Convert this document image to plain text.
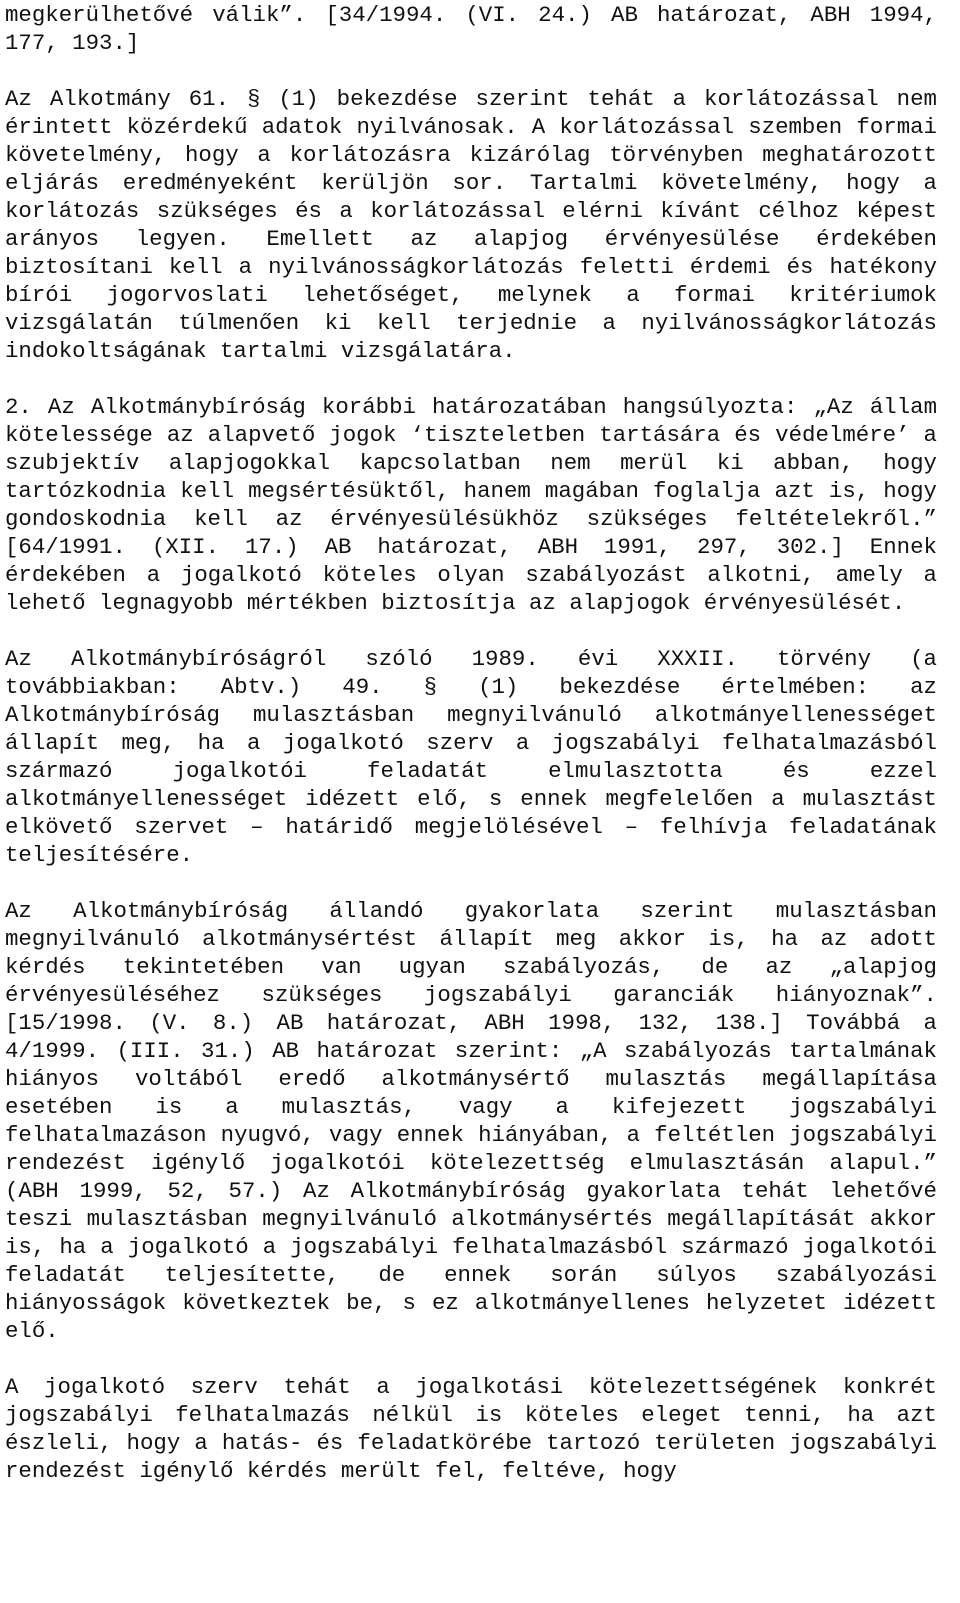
megkerülhetővé válik”. [34/1994. (VI. 24.) AB határozat, ABH 1994, 177, 193.]

Az Alkotmány 61. § (1) bekezdése szerint tehát a korlátozással nem érintett közérdekű adatok nyilvánosak. A korlátozással szemben formai követelmény, hogy a korlátozásra kizárólag törvényben meghatározott eljárás eredményeként kerüljön sor. Tartalmi követelmény, hogy a korlátozás szükséges és a korlátozással elérni kívánt célhoz képest arányos legyen. Emellett az alapjog érvényesülése érdekében biztosítani kell a nyilvánosságkorlátozás feletti érdemi és hatékony bírói jogorvoslati lehetőséget, melynek a formai kritériumok vizsgálatán túlmenően ki kell terjednie a nyilvánosságkorlátozás indokoltságának tartalmi vizsgálatára.

2. Az Alkotmánybíróság korábbi határozatában hangsúlyozta: „Az állam kötelessége az alapvető jogok ‘tiszteletben tartására és védelmére’ a szubjektív alapjogokkal kapcsolatban nem merül ki abban, hogy tartózkodnia kell megsértésüktől, hanem magában foglalja azt is, hogy gondoskodnia kell az érvényesülésükhöz szükséges feltételekről.” [64/1991. (XII. 17.) AB határozat, ABH 1991, 297, 302.] Ennek érdekében a jogalkotó köteles olyan szabályozást alkotni, amely a lehető legnagyobb mértékben biztosítja az alapjogok érvényesülését.

Az Alkotmánybíróságról szóló 1989. évi XXXII. törvény (a továbbiakban: Abtv.) 49. § (1) bekezdése értelmében: az Alkotmánybíróság mulasztásban megnyilvánuló alkotmányellenességet állapít meg, ha a jogalkotó szerv a jogszabályi felhatalmazásból származó jogalkotói feladatát elmulasztotta és ezzel alkotmányellenességet idézett elő, s ennek megfelelően a mulasztást elkövető szervet – határidő megjelölésével – felhívja feladatának teljesítésére.

Az Alkotmánybíróság állandó gyakorlata szerint mulasztásban megnyilvánuló alkotmánysértést állapít meg akkor is, ha az adott kérdés tekintetében van ugyan szabályozás, de az „alapjog érvényesüléséhez szükséges jogszabályi garanciák hiányoznak”. [15/1998. (V. 8.) AB határozat, ABH 1998, 132, 138.] Továbbá a 4/1999. (III. 31.) AB határozat szerint: „A szabályozás tartalmának hiányos voltából eredő alkotmánysértő mulasztás megállapítása esetében is a mulasztás, vagy a kifejezett jogszabályi felhatalmazáson nyugvó, vagy ennek hiányában, a feltétlen jogszabályi rendezést igénylő jogalkotói kötelezettség elmulasztásán alapul.” (ABH 1999, 52, 57.) Az Alkotmánybíróság gyakorlata tehát lehetővé teszi mulasztásban megnyilvánuló alkotmánysértés megállapítását akkor is, ha a jogalkotó a jogszabályi felhatalmazásból származó jogalkotói feladatát teljesítette, de ennek során súlyos szabályozási hiányosságok következtek be, s ez alkotmányellenes helyzetet idézett elő.

A jogalkotó szerv tehát a jogalkotási kötelezettségének konkrét jogszabályi felhatalmazás nélkül is köteles eleget tenni, ha azt észleli, hogy a hatás- és feladatkörébe tartozó területen jogszabályi rendezést igénylő kérdés merült fel, feltéve, hogy
